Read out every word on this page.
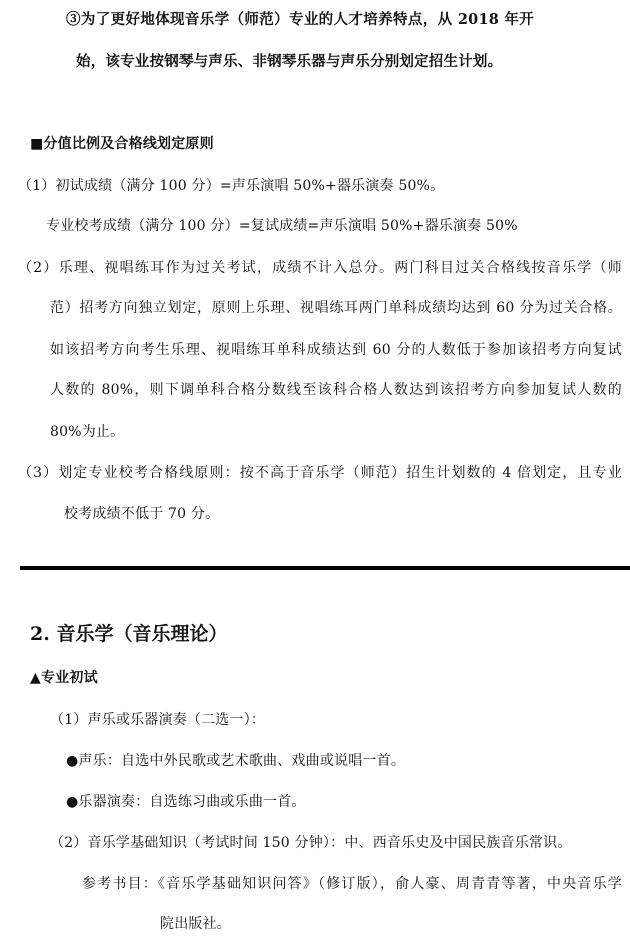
③为了更好地体现音乐学（师范）专业的人才培养特点，从 2018 年开
始，该专业按钢琴与声乐、非钢琴乐器与声乐分别划定招生计划。
■分值比例及合格线划定原则
（1）初试成绩（满分 100 分）=声乐演唱 50%+器乐演奏 50%。
专业校考成绩（满分 100 分）=复试成绩=声乐演唱 50%+器乐演奏 50%
（2）乐理、视唱练耳作为过关考试，成绩不计入总分。两门科目过关合格线按音乐学（师
范）招考方向独立划定，原则上乐理、视唱练耳两门单科成绩均达到 60 分为过关合格。
如该招考方向考生乐理、视唱练耳单科成绩达到 60 分的人数低于参加该招考方向复试
人数的 80%，则下调单科合格分数线至该科合格人数达到该招考方向参加复试人数的
80%为止。
（3）划定专业校考合格线原则：按不高于音乐学（师范）招生计划数的 4 倍划定，且专业
校考成绩不低于 70 分。
2. 音乐学（音乐理论）
▲专业初试
（1）声乐或乐器演奏（二选一）：
●声乐：自选中外民歌或艺术歌曲、戏曲或说唱一首。
●乐器演奏：自选练习曲或乐曲一首。
（2）音乐学基础知识（考试时间 150 分钟）：中、西音乐史及中国民族音乐常识。
参考书目：《音乐学基础知识问答》（修订版），俞人豪、周青青等著，中央音乐学
院出版社。
